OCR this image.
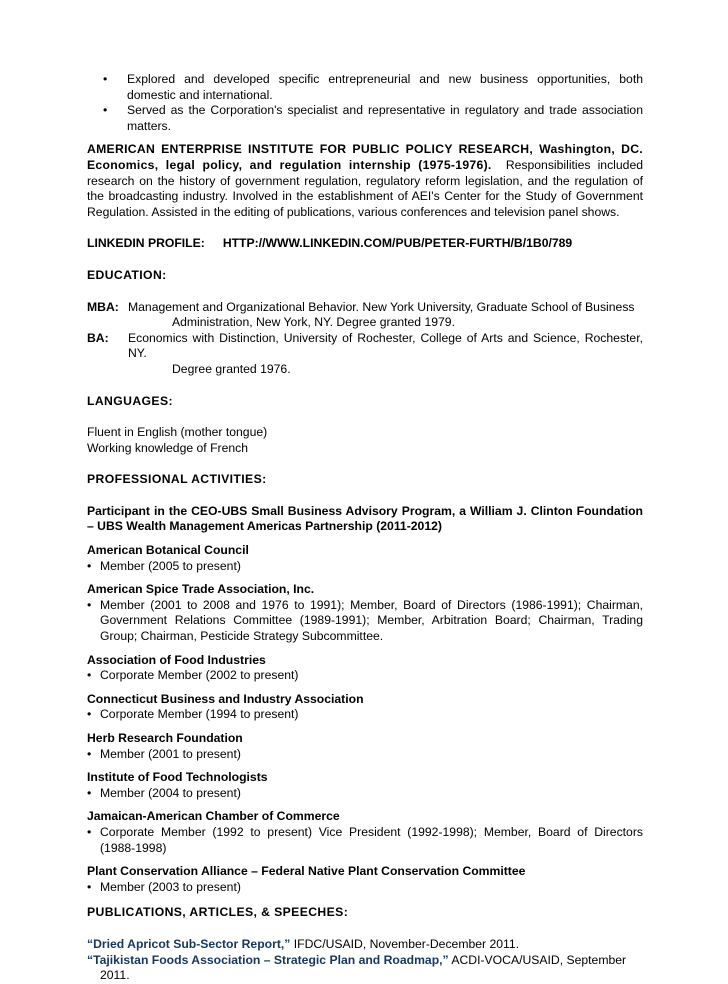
• Explored and developed specific entrepreneurial and new business opportunities, both domestic and international.
• Served as the Corporation's specialist and representative in regulatory and trade association matters.

AMERICAN ENTERPRISE INSTITUTE FOR PUBLIC POLICY RESEARCH, Washington, DC. Economics, legal policy, and regulation internship (1975-1976). Responsibilities included research on the history of government regulation, regulatory reform legislation, and the regulation of the broadcasting industry. Involved in the establishment of AEI's Center for the Study of Government Regulation. Assisted in the editing of publications, various conferences and television panel shows.

LINKEDIN PROFILE: HTTP://WWW.LINKEDIN.COM/PUB/PETER-FURTH/B/1B0/789

EDUCATION:

MBA: Management and Organizational Behavior. New York University, Graduate School of Business
Administration, New York, NY. Degree granted 1979.
BA:	Economics with Distinction, University of Rochester, College of Arts and Science, Rochester, NY.
Degree granted 1976.

LANGUAGES:

Fluent in English (mother tongue)

Working knowledge of French

PROFESSIONAL ACTIVITIES:

Participant in the CEO-UBS Small Business Advisory Program, a William J. Clinton Foundation – UBS Wealth Management Americas Partnership (2011-2012)

American Botanical Council

• Member (2005 to present)

American Spice Trade Association, Inc.

• Member (2001 to 2008 and 1976 to 1991); Member, Board of Directors (1986-1991); Chairman, Government Relations Committee (1989-1991); Member, Arbitration Board; Chairman, Trading Group; Chairman, Pesticide Strategy Subcommittee.

Association of Food Industries

• Corporate Member (2002 to present)

Connecticut Business and Industry Association

• Corporate Member (1994 to present)

Herb Research Foundation

• Member (2001 to present)

Institute of Food Technologists

• Member (2004 to present)

Jamaican-American Chamber of Commerce

• Corporate Member (1992 to present) Vice President (1992-1998); Member, Board of Directors (1988-1998)

Plant Conservation Alliance – Federal Native Plant Conservation Committee

• Member (2003 to present)

PUBLICATIONS, ARTICLES, & SPEECHES:

“Dried Apricot Sub-Sector Report,” IFDC/USAID, November-December 2011.

“Tajikistan Foods Association – Strategic Plan and Roadmap,” ACDI-VOCA/USAID, September 2011.
